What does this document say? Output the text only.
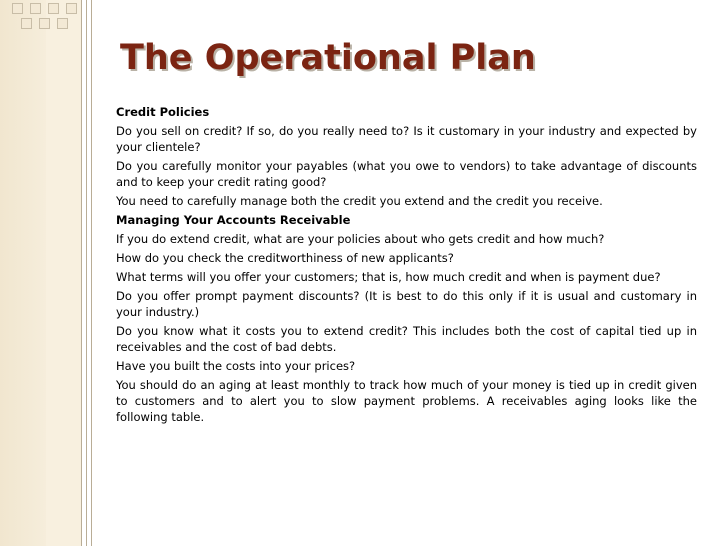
The Operational Plan

Credit Policies

Do you sell on credit? If so, do you really need to? Is it customary in your industry and expected by your clientele?

Do you carefully monitor your payables (what you owe to vendors) to take advantage of discounts and to keep your credit rating good?

You need to carefully manage both the credit you extend and the credit you receive.

Managing Your Accounts Receivable

If you do extend credit, what are your policies about who gets credit and how much?

How do you check the creditworthiness of new applicants?

What terms will you offer your customers; that is, how much credit and when is payment due?

Do you offer prompt payment discounts? (It is best to do this only if it is usual and customary in your industry.)

Do you know what it costs you to extend credit? This includes both the cost of capital tied up in receivables and the cost of bad debts.

Have you built the costs into your prices?

You should do an aging at least monthly to track how much of your money is tied up in credit given to customers and to alert you to slow payment problems. A receivables aging looks like the following table.
